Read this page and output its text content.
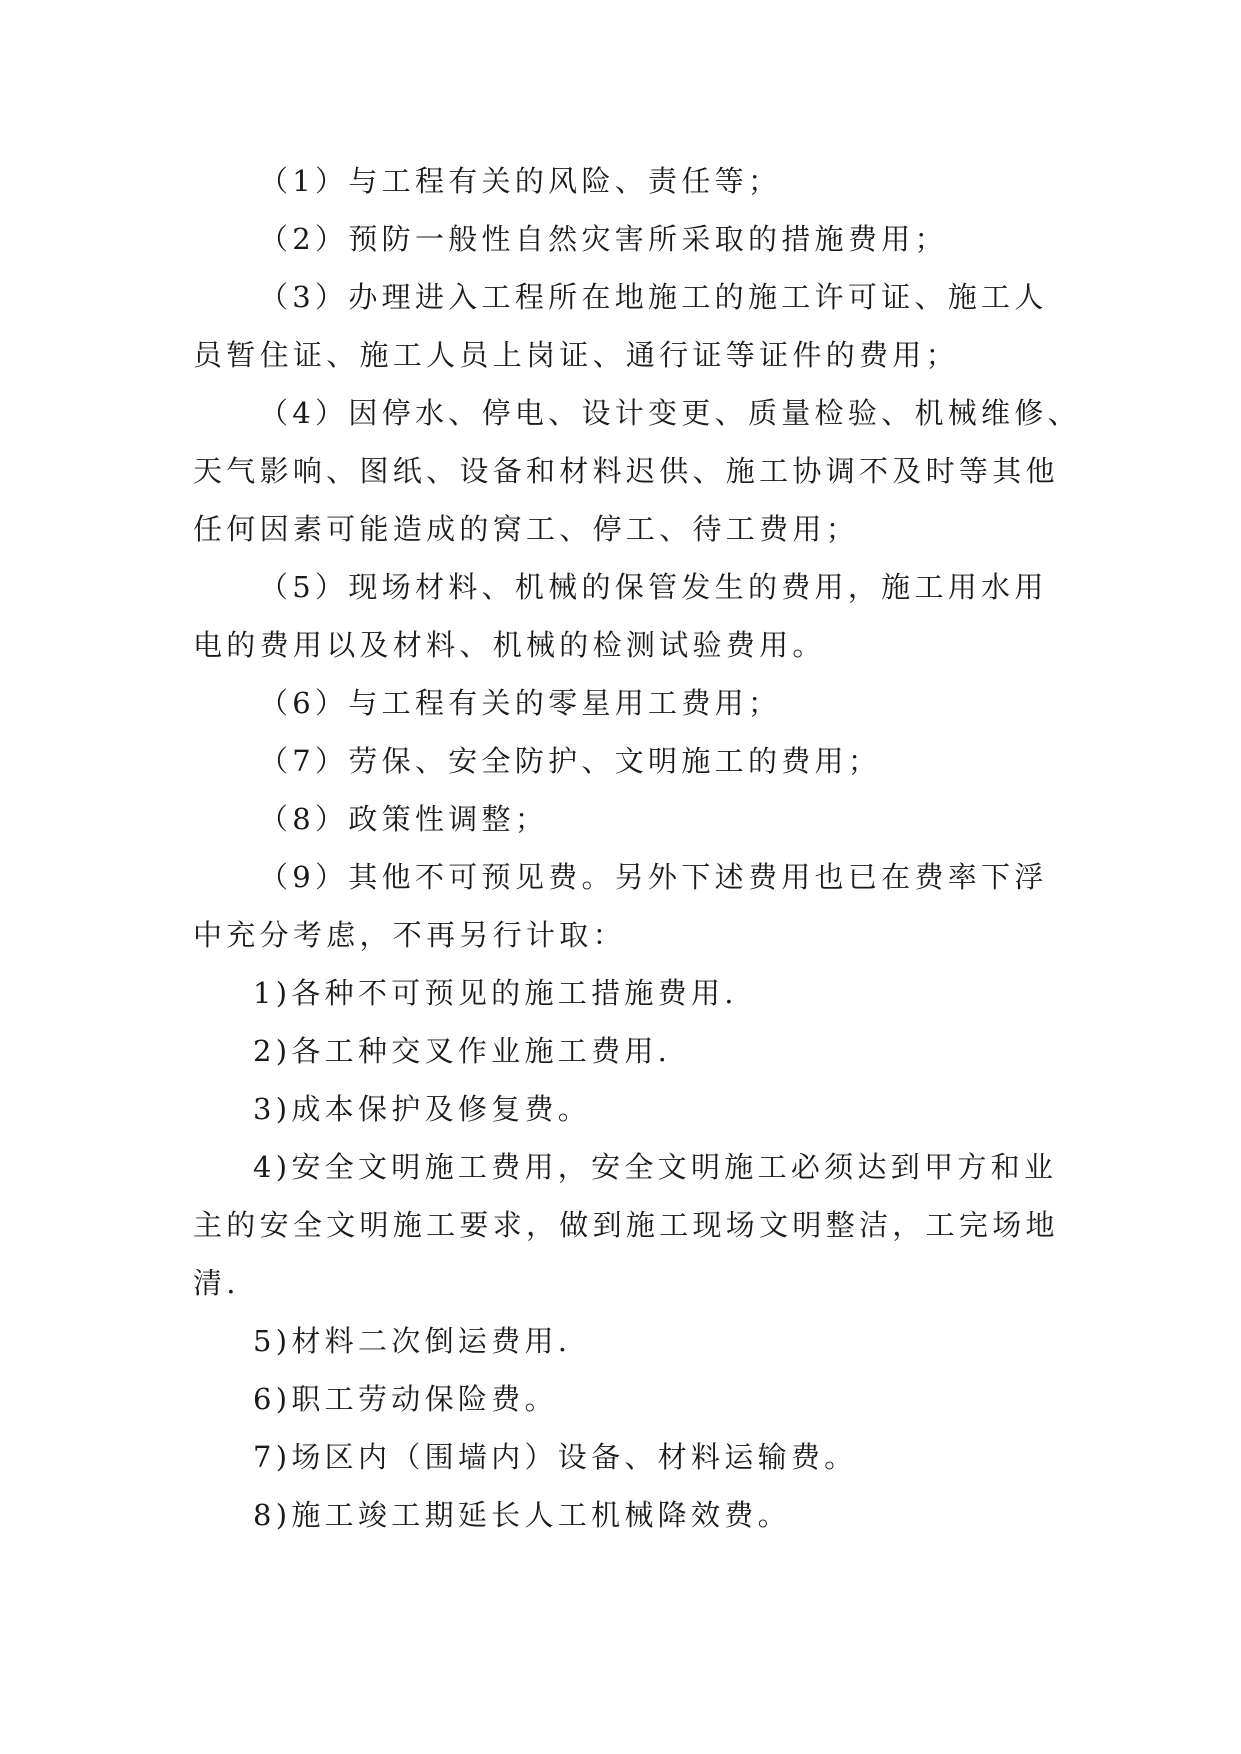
（1）与工程有关的风险、责任等；
（2）预防一般性自然灾害所采取的措施费用；
（3）办理进入工程所在地施工的施工许可证、施工人
员暂住证、施工人员上岗证、通行证等证件的费用；
（4）因停水、停电、设计变更、质量检验、机械维修、
天气影响、图纸、设备和材料迟供、施工协调不及时等其他
任何因素可能造成的窝工、停工、待工费用；
（5）现场材料、机械的保管发生的费用，施工用水用
电的费用以及材料、机械的检测试验费用。
（6）与工程有关的零星用工费用；
（7）劳保、安全防护、文明施工的费用；
（8）政策性调整；
（9）其他不可预见费。另外下述费用也已在费率下浮
中充分考虑，不再另行计取：
1)各种不可预见的施工措施费用.
2)各工种交叉作业施工费用.
3)成本保护及修复费。
4)安全文明施工费用，安全文明施工必须达到甲方和业
主的安全文明施工要求，做到施工现场文明整洁，工完场地
清.
5)材料二次倒运费用.
6)职工劳动保险费。
7)场区内（围墙内）设备、材料运输费。
8)施工竣工期延长人工机械降效费。
